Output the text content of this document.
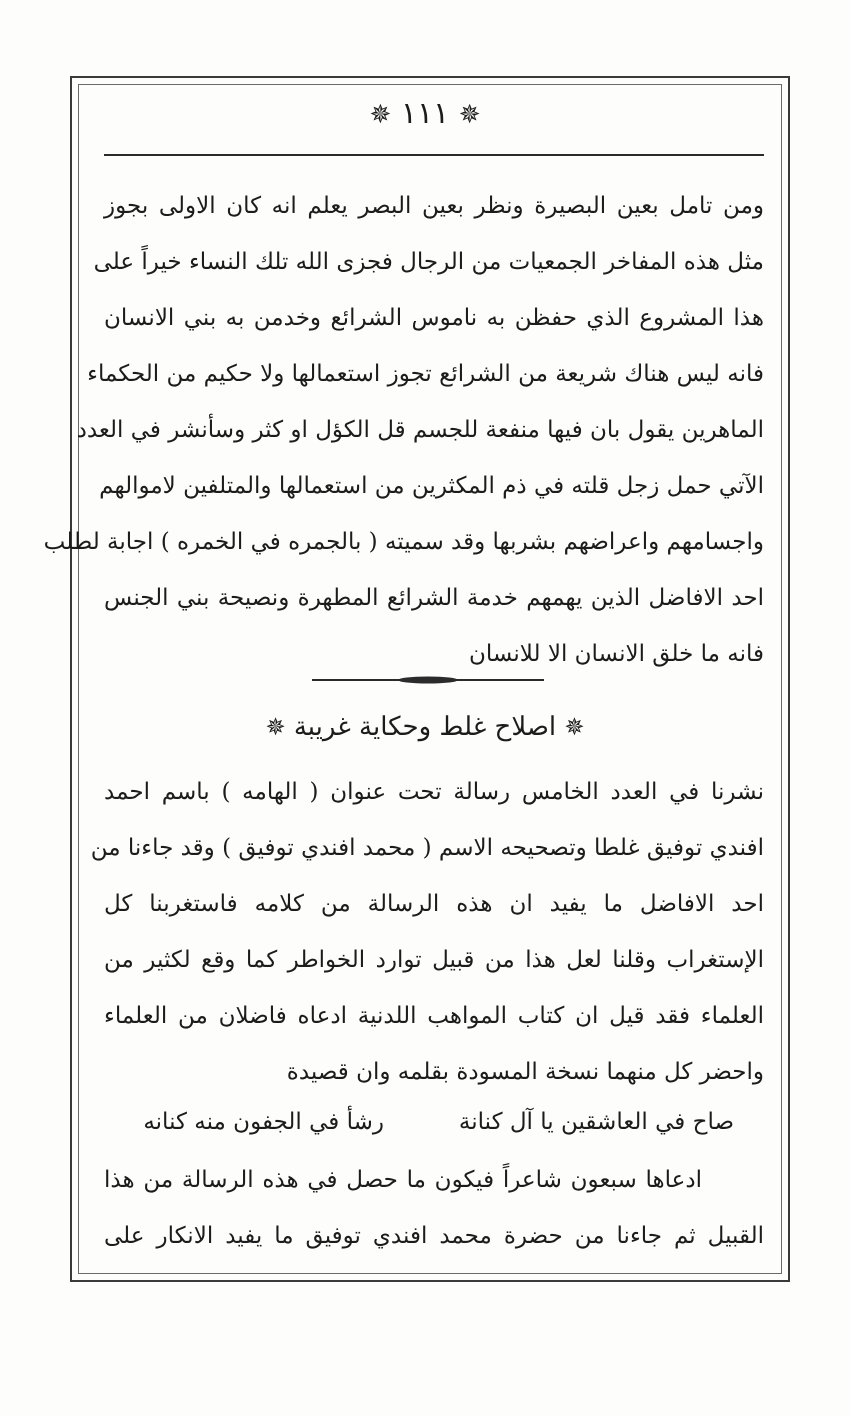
✵ ١١١ ✵
ومن تامل بعين البصيرة ونظر بعين البصر يعلم انه كان الاولى بجوز
مثل هذه المفاخر الجمعيات من الرجال فجزى الله تلك النساء خيراً على
هذا المشروع الذي حفظن به ناموس الشرائع وخدمن به بني الانسان
فانه ليس هناك شريعة من الشرائع تجوز استعمالها ولا حكيم من الحكماء
الماهرين يقول بان فيها منفعة للجسم قل الكؤل او كثر وسأنشر في العدد
الآتي حمل زجل قلته في ذم المكثرين من استعمالها والمتلفين لاموالهم
واجسامهم واعراضهم بشربها وقد سميته ( بالجمره في الخمره ) اجابة لطلب
احد الافاضل الذين يهمهم خدمة الشرائع المطهرة ونصيحة بني الجنس
فانه ما خلق الانسان الا للانسان
✵ اصلاح غلط وحكاية غريبة ✵
نشرنا في العدد الخامس رسالة تحت عنوان ( الهامه ) باسم احمد
افندي توفيق غلطا وتصحيحه الاسم ( محمد افندي توفيق ) وقد جاءنا من
احد الافاضل ما يفيد ان هذه الرسالة من كلامه فاستغربنا كل
الإستغراب وقلنا لعل هذا من قبيل توارد الخواطر كما وقع لكثير من
العلماء فقد قيل ان كتاب المواهب اللدنية ادعاه فاضلان من العلماء
واحضر كل منهما نسخة المسودة بقلمه وان قصيدة
صاح في العاشقين يا آل كنانة
رشأ في الجفون منه كنانه
ادعاها سبعون شاعراً فيكون ما حصل في هذه الرسالة من هذا
القبيل ثم جاءنا من حضرة محمد افندي توفيق ما يفيد الانكار على
